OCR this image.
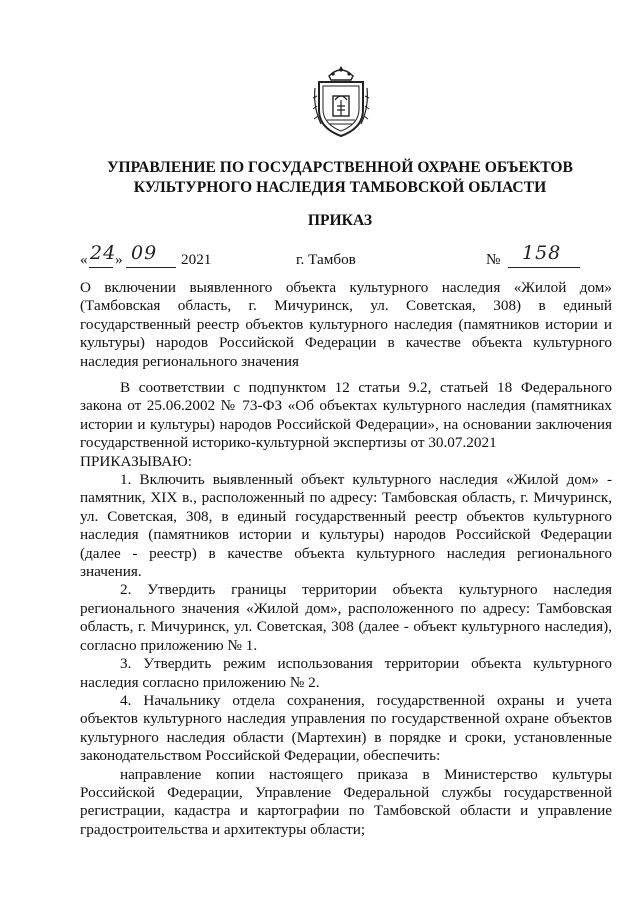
УПРАВЛЕНИЕ ПО ГОСУДАРСТВЕННОЙ ОХРАНЕ ОБЪЕКТОВ
КУЛЬТУРНОГО НАСЛЕДИЯ ТАМБОВСКОЙ ОБЛАСТИ
ПРИКАЗ
« 24
» 09 2021	г. Тамбов	№ 158

О включении выявленного объекта культурного наследия «Жилой дом» (Тамбовская область, г. Мичуринск, ул. Советская, 308) в единый государственный реестр объектов культурного наследия (памятников истории и культуры) народов Российской Федерации в качестве объекта культурного наследия регионального значения

В соответствии с подпунктом 12 статьи 9.2, статьей 18 Федерального закона от 25.06.2002 № 73-ФЗ «Об объектах культурного наследия (памятниках истории и культуры) народов Российской Федерации», на основании заключения государственной историко-культурной экспертизы от 30.07.2021

ПРИКАЗЫВАЮ:

1. Включить выявленный объект культурного наследия «Жилой дом» - памятник, XIX в., расположенный по адресу: Тамбовская область, г. Мичуринск, ул. Советская, 308, в единый государственный реестр объектов культурного наследия (памятников истории и культуры) народов Российской Федерации (далее - реестр) в качестве объекта культурного наследия регионального значения.

2. Утвердить границы территории объекта культурного наследия регионального значения «Жилой дом», расположенного по адресу: Тамбовская область, г. Мичуринск, ул. Советская, 308 (далее - объект культурного наследия), согласно приложению № 1.

3. Утвердить режим использования территории объекта культурного наследия согласно приложению № 2.

4. Начальнику отдела сохранения, государственной охраны и учета объектов культурного наследия управления по государственной охране объектов культурного наследия области (Мартехин) в порядке и сроки, установленные законодательством Российской Федерации, обеспечить:

направление копии настоящего приказа в Министерство культуры Российской Федерации, Управление Федеральной службы государственной регистрации, кадастра и картографии по Тамбовской области и управление градостроительства и архитектуры области;
